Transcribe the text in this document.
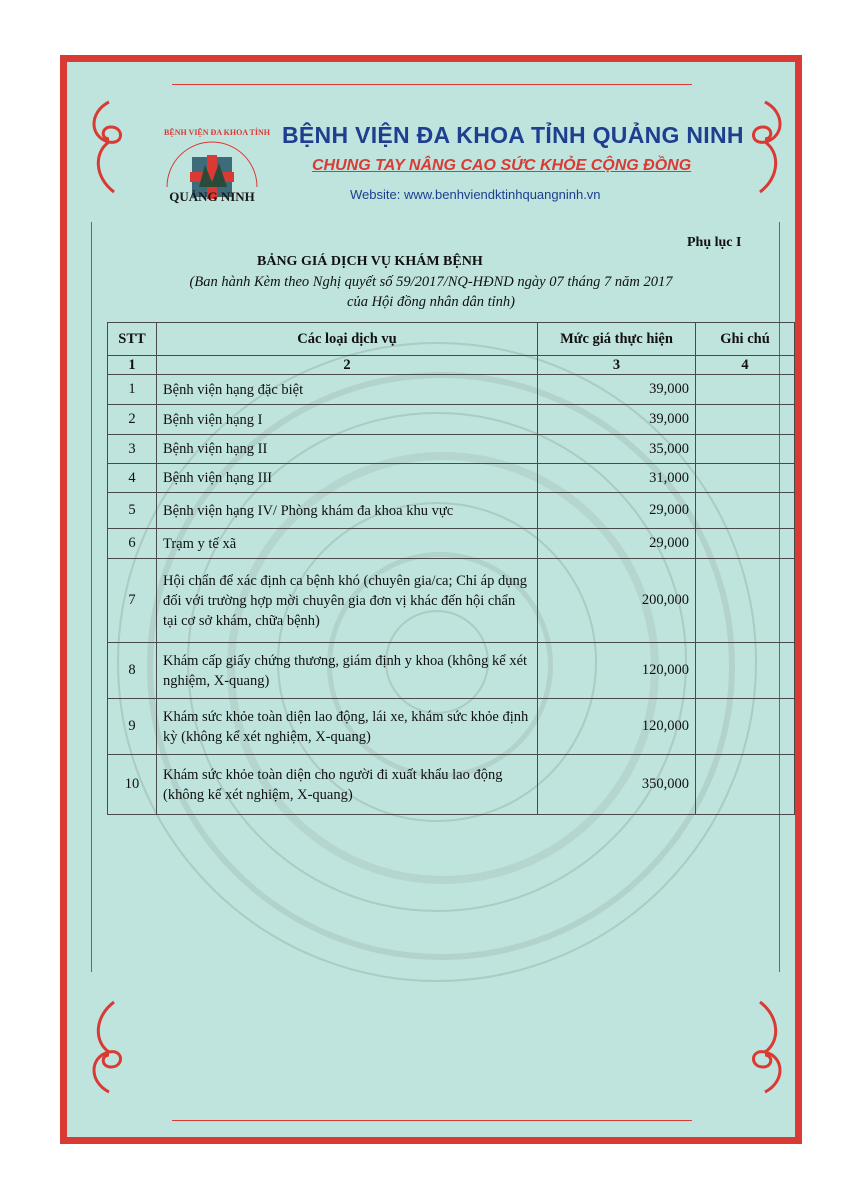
QUẢNG NINH
BỆNH VIỆN ĐA KHOA TỈNH BỆNH VIỆN ĐA KHOA TỈNH QUẢNG NINH
CHUNG TAY NÂNG CAO SỨC KHỎE CỘNG ĐỒNG
Website: www.benhviendktinhquangninh.vn
Phụ lục I
BẢNG GIÁ DỊCH VỤ KHÁM BỆNH
(Ban hành Kèm theo Nghị quyết số 59/2017/NQ-HĐND ngày 07 tháng 7 năm 2017
của Hội đồng nhân dân tỉnh)
STT	Các loại dịch vụ	Mức giá thực hiện	Ghi chú
1	2	3	4
1	Bệnh viện hạng đặc biệt	39,000	
2	Bệnh viện hạng I	39,000	
3	Bệnh viện hạng II	35,000	
4	Bệnh viện hạng III	31,000	
5	Bệnh viện hạng IV/ Phòng khám đa khoa khu vực	29,000	
6	Trạm y tế xã	29,000	
7	Hội chẩn để xác định ca bệnh khó (chuyên gia/ca; Chỉ áp dụng đối với trường hợp mời chuyên gia đơn vị khác đến hội chẩn tại cơ sở khám, chữa bệnh)	200,000	
8	Khám cấp giấy chứng thương, giám định y khoa (không kể xét nghiệm, X-quang)	120,000	
9	Khám sức khỏe toàn diện lao động, lái xe, khám sức khỏe định kỳ (không kể xét nghiệm, X-quang)	120,000	
10	Khám sức khỏe toàn diện cho người đi xuất khẩu lao động (không kể xét nghiệm, X-quang)	350,000	
